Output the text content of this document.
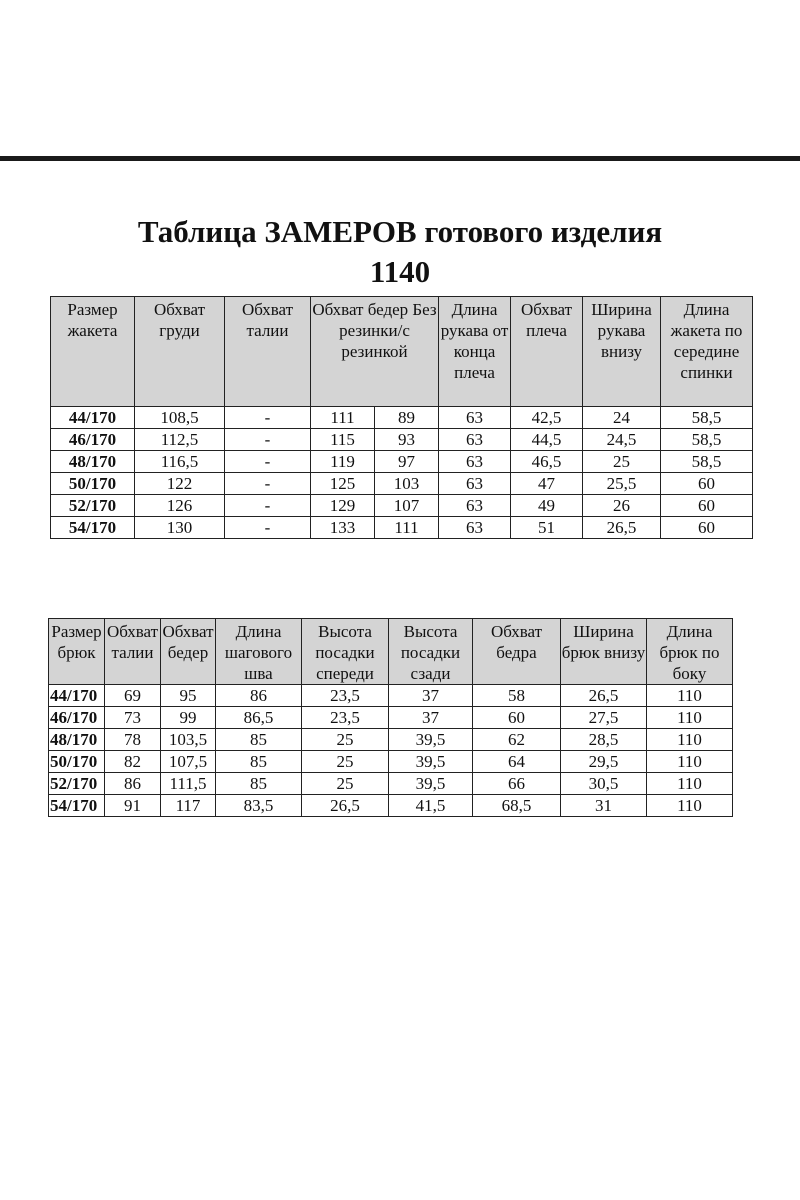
Таблица ЗАМЕРОВ готового изделия
1140
Размер жакета	Обхват груди	Обхват талии	Обхват бедер Без резинки/с резинкой		Длина рукава от конца плеча	Обхват плеча	Ширина рукава внизу	Длина жакета по середине спинки
44/170	108,5	-	111	89	63	42,5	24	58,5
46/170	112,5	-	115	93	63	44,5	24,5	58,5
48/170	116,5	-	119	97	63	46,5	25	58,5
50/170	122	-	125	103	63	47	25,5	60
52/170	126	-	129	107	63	49	26	60
54/170	130	-	133	111	63	51	26,5	60
Размер брюк	Обхват талии	Обхват бедер	Длина шагового шва	Высота посадки спереди	Высота посадки сзади	Обхват бедра	Ширина брюк внизу	Длина брюк по боку
44/170	69	95	86	23,5	37	58	26,5	110
46/170	73	99	86,5	23,5	37	60	27,5	110
48/170	78	103,5	85	25	39,5	62	28,5	110
50/170	82	107,5	85	25	39,5	64	29,5	110
52/170	86	111,5	85	25	39,5	66	30,5	110
54/170	91	117	83,5	26,5	41,5	68,5	31	110
